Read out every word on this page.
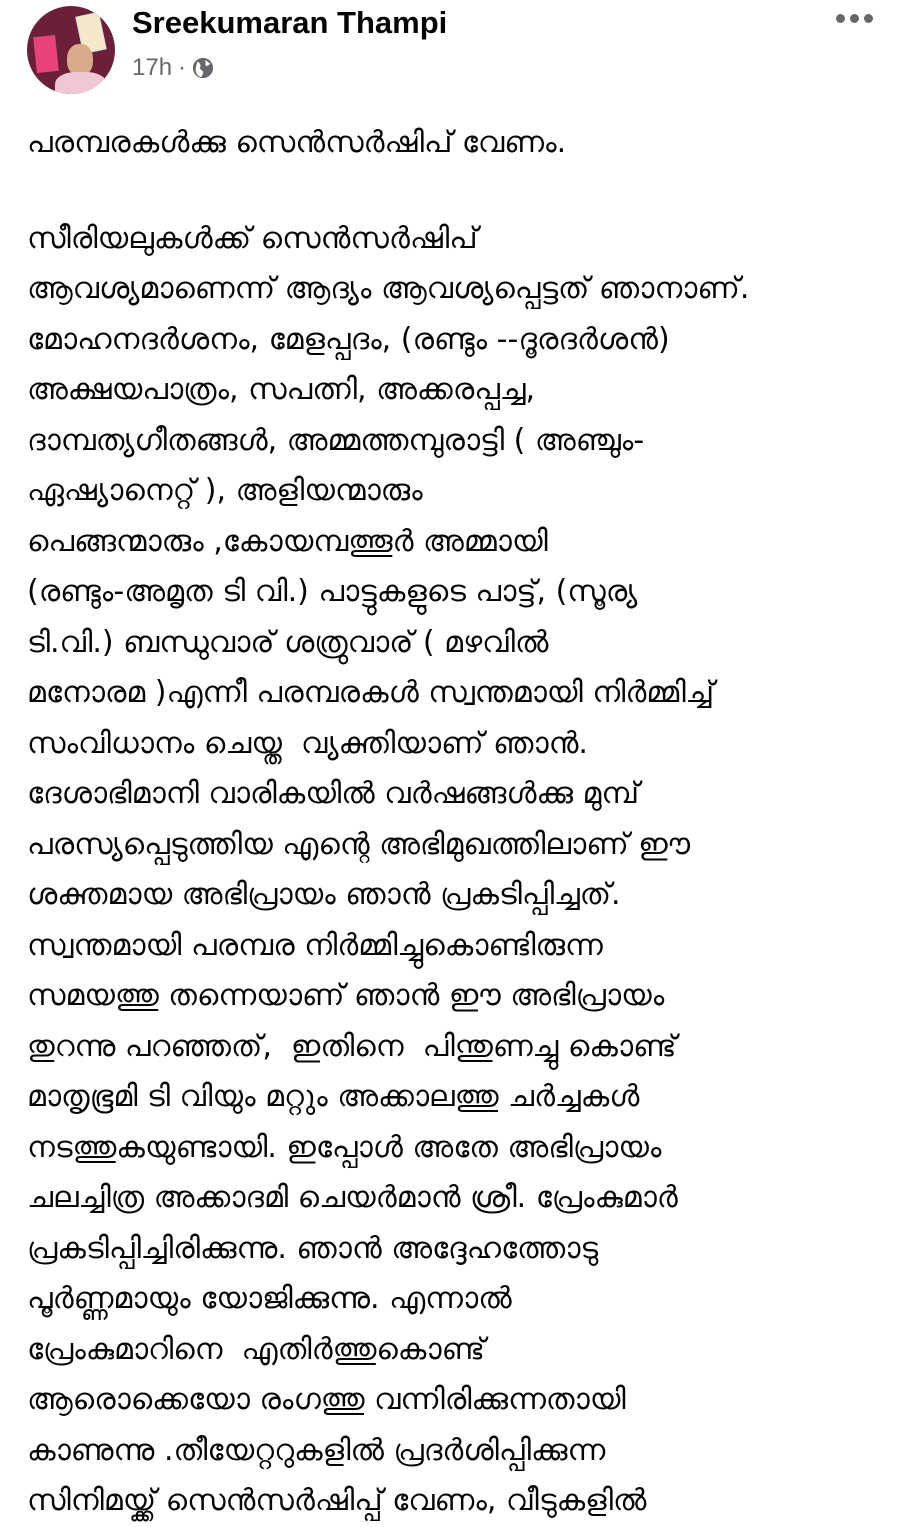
Sreekumaran Thampi
17h ·
പരമ്പരകൾക്കു സെൻസർഷിപ് വേണം.
സീരിയലുകൾക്ക് സെൻസർഷിപ്
ആവശ്യമാണെന്ന് ആദ്യം ആവശ്യപ്പെട്ടത് ഞാനാണ്.
മോഹനദർശനം, മേളപ്പദം, (രണ്ടും --ദൂരദർശൻ)
അക്ഷയപാത്രം, സപത്നി, അക്കരപ്പച്ച,
ദാമ്പത്യഗീതങ്ങൾ, അമ്മത്തമ്പുരാട്ടി ( അഞ്ചും-
ഏഷ്യാനെറ്റ് ), അളിയന്മാരും
പെങ്ങന്മാരും ,കോയമ്പത്തൂർ അമ്മായി
(രണ്ടും-അമൃത ടി വി.) പാട്ടുകളുടെ പാട്ട്, (സൂര്യ
ടി.വി.) ബന്ധുവാര് ശത്രുവാര് ( മഴവിൽ
മനോരമ )എന്നീ പരമ്പരകൾ സ്വന്തമായി നിർമ്മിച്ച്
സംവിധാനം ചെയ്ത  വ്യക്തിയാണ് ഞാൻ.
ദേശാഭിമാനി വാരികയിൽ വർഷങ്ങൾക്കു മുമ്പ്
പരസ്യപ്പെടുത്തിയ എന്റെ അഭിമുഖത്തിലാണ് ഈ
ശക്തമായ അഭിപ്രായം ഞാൻ പ്രകടിപ്പിച്ചത്.
സ്വന്തമായി പരമ്പര നിർമ്മിച്ചുകൊണ്ടിരുന്ന
സമയത്തു തന്നെയാണ് ഞാൻ ഈ അഭിപ്രായം
തുറന്നു പറഞ്ഞത്,  ഇതിനെ  പിന്തുണച്ചു കൊണ്ട്
മാതൃഭൂമി ടി വിയും മറ്റും അക്കാലത്തു ചർച്ചകൾ
നടത്തുകയുണ്ടായി. ഇപ്പോൾ അതേ അഭിപ്രായം
ചലച്ചിത്ര അക്കാദമി ചെയർമാൻ ശ്രീ. പ്രേംകുമാർ
പ്രകടിപ്പിച്ചിരിക്കുന്നു. ഞാൻ അദ്ദേഹത്തോടു
പൂർണ്ണമായും യോജിക്കുന്നു. എന്നാൽ
പ്രേംകുമാറിനെ  എതിർത്തുകൊണ്ട്
ആരൊക്കെയോ രംഗത്തു വന്നിരിക്കുന്നതായി
കാണുന്നു .തീയേറ്ററുകളിൽ പ്രദർശിപ്പിക്കുന്ന
സിനിമയ്ക്ക് സെൻസർഷിപ്പ് വേണം, വീടുകളിൽ
